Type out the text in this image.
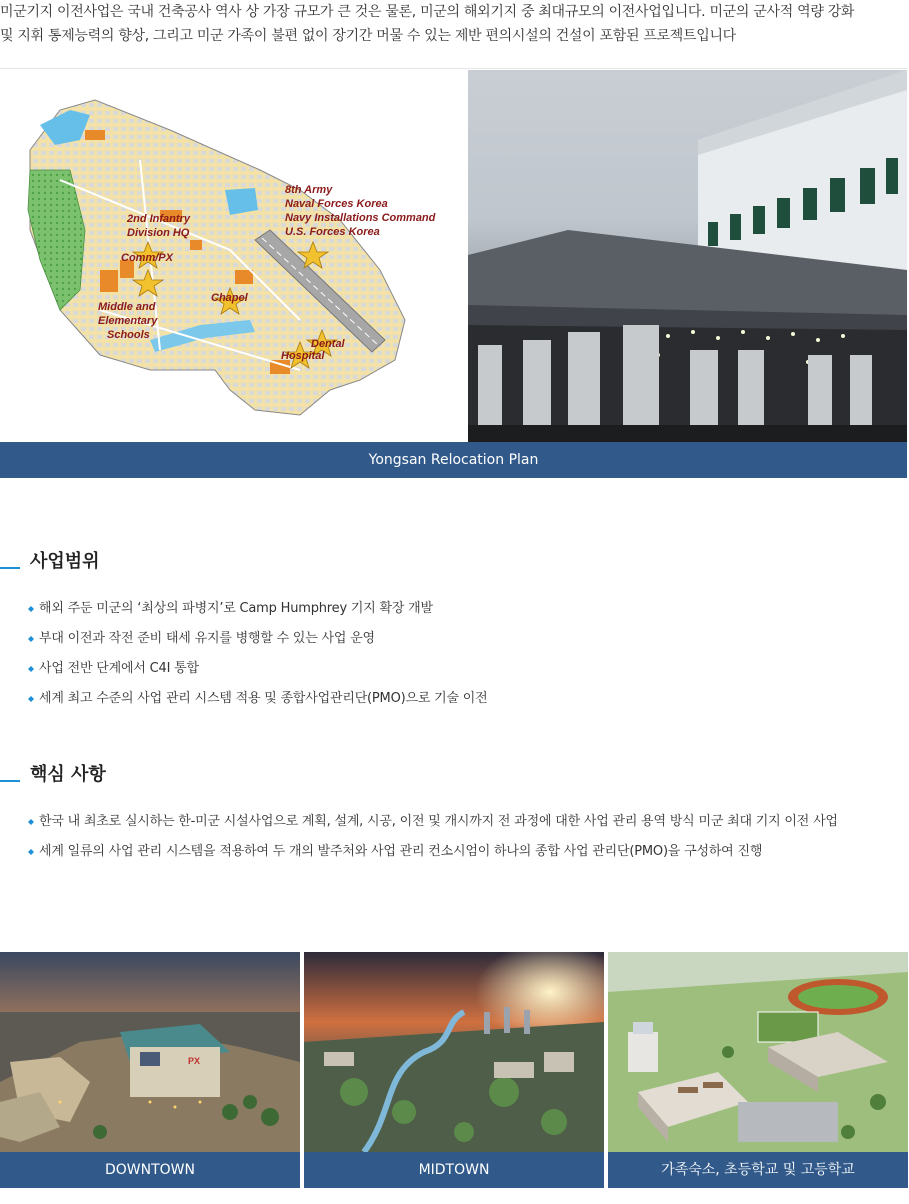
미군기지 이전사업은 국내 건축공사 역사 상 가장 규모가 큰 것은 물론, 미군의 해외기지 중 최대규모의 이전사업입니다. 미군의 군사적 역량 강화
및 지휘 통제능력의 향상, 그리고 미군 가족이 불편 없이 장기간 머물 수 있는 제반 편의시설의 건설이 포함된 프로젝트입니다
8th Army
Naval Forces Korea
Navy Installations Command
U.S. Forces Korea
2nd Infantry
Division HQ
Comm/PX
Chapel
Middle and
Elementary
Schools
Dental
Hospital
Yongsan Relocation Plan
사업범위
해외 주둔 미군의 ‘최상의 파병지’로 Camp Humphrey 기지 확장 개발
부대 이전과 작전 준비 태세 유지를 병행할 수 있는 사업 운영
사업 전반 단계에서 C4I 통합
세계 최고 수준의 사업 관리 시스템 적용 및 종합사업관리단(PMO)으로 기술 이전
핵심 사항
한국 내 최초로 실시하는 한-미군 시설사업으로 계획, 설계, 시공, 이전 및 개시까지 전 과정에 대한 사업 관리 용역 방식 미군 최대 기지 이전 사업
세계 일류의 사업 관리 시스템을 적용하여 두 개의 발주처와 사업 관리 컨소시엄이 하나의 종합 사업 관리단(PMO)을 구성하여 진행
PX
DOWNTOWN	MIDTOWN	가족숙소, 초등학교 및 고등학교
